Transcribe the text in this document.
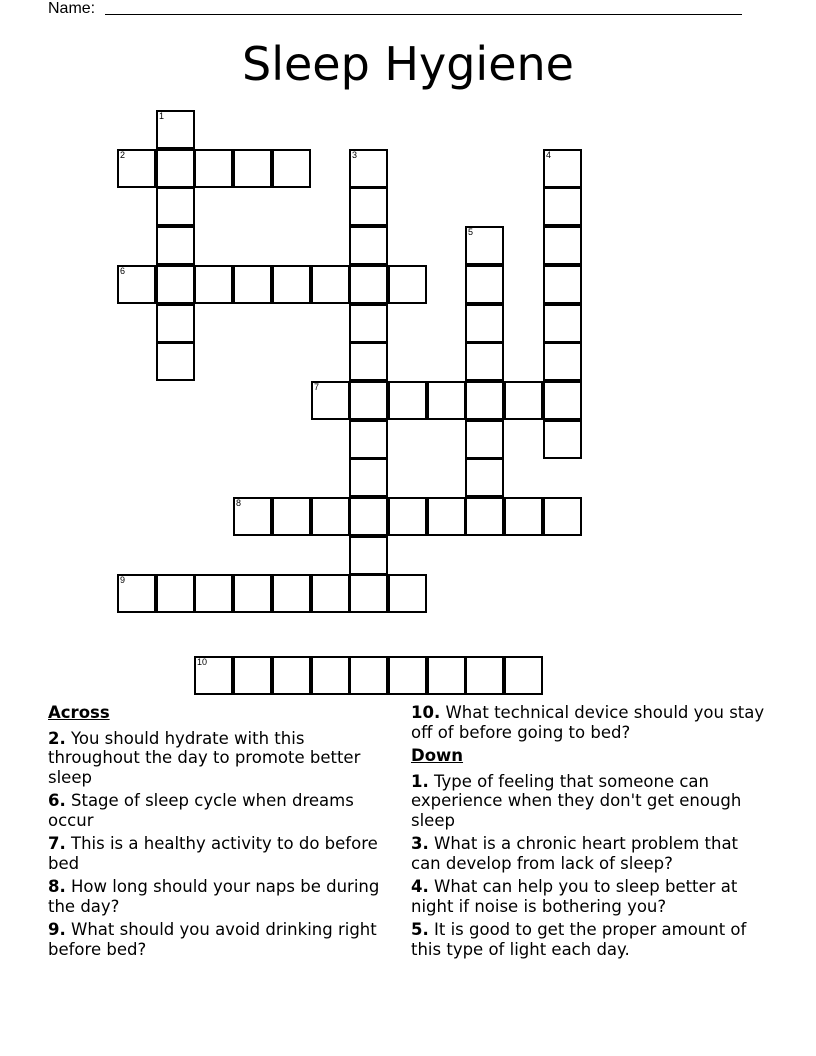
Name:
Sleep Hygiene
1
2	3	4
5
6
7
8
9
10
Across
2. You should hydrate with this throughout the day to promote better sleep
6. Stage of sleep cycle when dreams occur
7. This is a healthy activity to do before bed
8. How long should your naps be during the day?
9. What should you avoid drinking right before bed?
10. What technical device should you stay off of before going to bed?
Down
1. Type of feeling that someone can experience when they don't get enough sleep
3. What is a chronic heart problem that can develop from lack of sleep?
4. What can help you to sleep better at night if noise is bothering you?
5. It is good to get the proper amount of this type of light each day.
